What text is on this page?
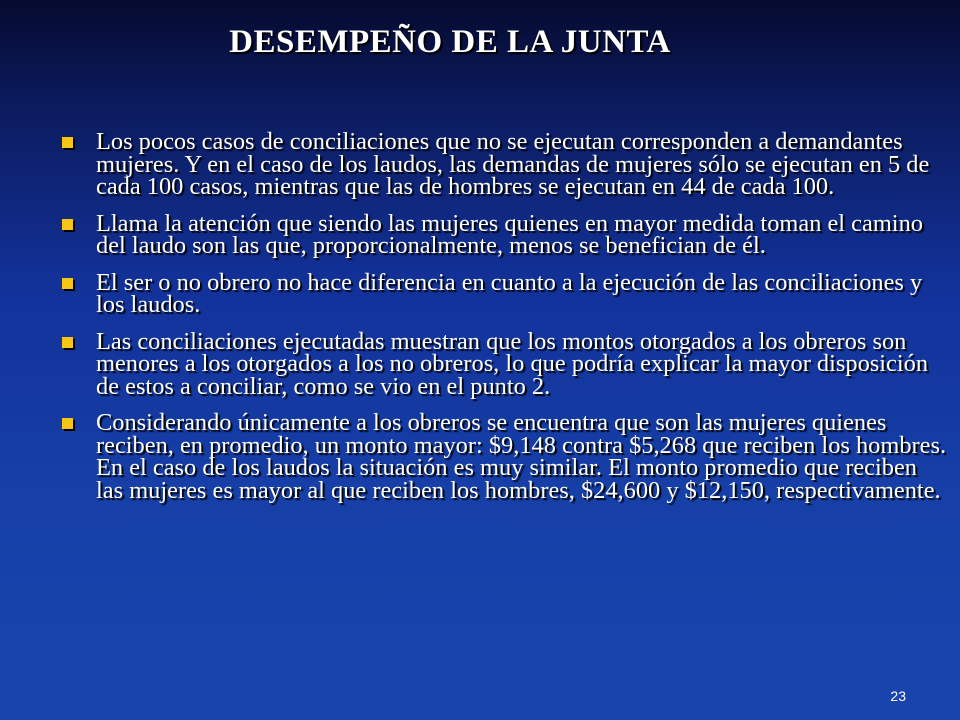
DESEMPEÑO DE LA JUNTA
Los pocos casos de conciliaciones que no se ejecutan corresponden a demandantes mujeres. Y en el caso de los laudos, las demandas de mujeres sólo se ejecutan en 5 de cada 100 casos, mientras que las de hombres se ejecutan en 44 de cada 100.
Llama la atención que siendo las mujeres quienes en mayor medida toman el camino del laudo son las que, proporcionalmente, menos se benefician de él.
El ser o no obrero no hace diferencia en cuanto a la ejecución de las conciliaciones y los laudos.
Las conciliaciones ejecutadas muestran que los montos otorgados a los obreros son menores a los otorgados a los no obreros, lo que podría explicar la mayor disposición de estos a conciliar, como se vio en el punto 2.
Considerando únicamente a los obreros se encuentra que son las mujeres quienes reciben, en promedio, un monto mayor: $9,148 contra $5,268 que reciben los hombres. En el caso de los laudos la situación es muy similar. El monto promedio que reciben las mujeres es mayor al que reciben los hombres, $24,600 y $12,150, respectivamente.
23
